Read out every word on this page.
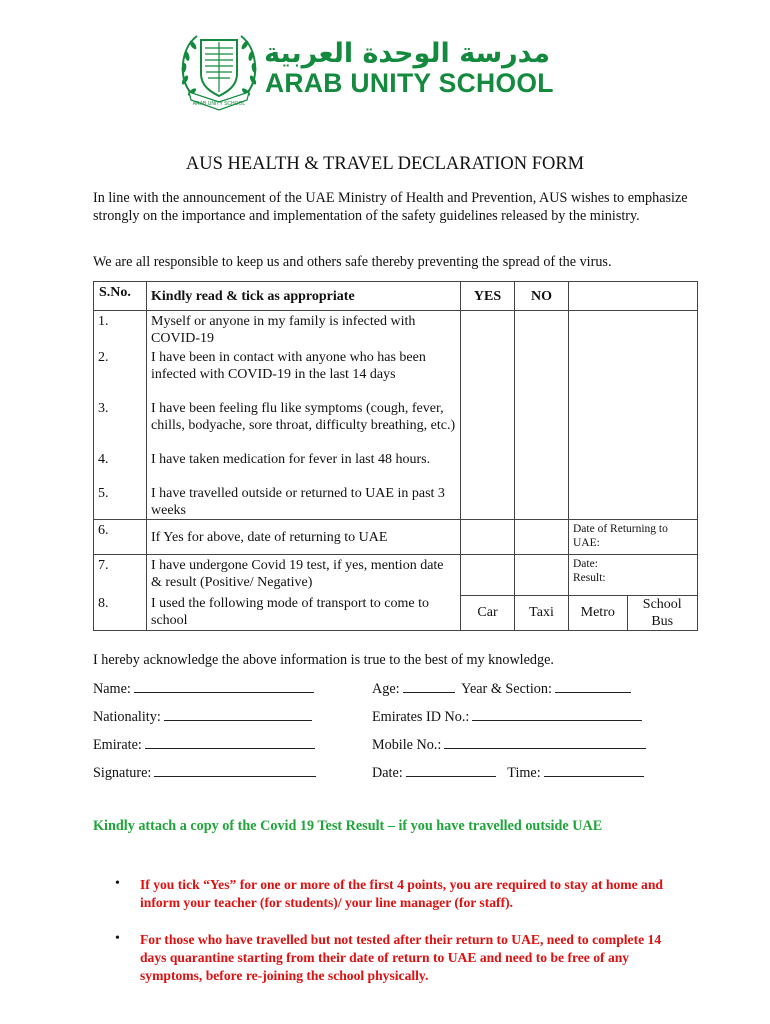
ARAB UNITY SCHOOL
مدرسة الوحدة العربية
ARAB UNITY SCHOOL
AUS HEALTH & TRAVEL DECLARATION FORM
In line with the announcement of the UAE Ministry of Health and Prevention, AUS wishes to emphasize strongly on the importance and implementation of the safety guidelines released by the ministry.
We are all responsible to keep us and others safe thereby preventing the spread of the virus.
S.No.	Kindly read & tick as appropriate	YES	NO	
1.	Myself or anyone in my family is infected with COVID-19			
2.	I have been in contact with anyone who has been infected with COVID-19 in the last 14 days			
3.	I have been feeling flu like symptoms (cough, fever, chills, bodyache, sore throat, difficulty breathing, etc.)			
4.	I have taken medication for fever in last 48 hours.			
5.	I have travelled outside or returned to UAE in past 3 weeks			
6.	If Yes for above, date of returning to UAE			Date of Returning to UAE:

7.	I have undergone Covid 19 test, if yes, mention date & result (Positive/ Negative)			Date:
Result:

8.	I used the following mode of transport to come to school	Car	Taxi	Metro
School Bus
I hereby acknowledge the above information is true to the best of my knowledge.
Name:	Age:	Year & Section:
Nationality:	Emirates ID No.:
Emirate:	Mobile No.:
Signature:	Date:	Time:
Kindly attach a copy of the Covid 19 Test Result – if you have travelled outside UAE
• If you tick “Yes” for one or more of the first 4 points, you are required to stay at home and inform your teacher (for students)/ your line manager (for staff).
• For those who have travelled but not tested after their return to UAE, need to complete 14 days quarantine starting from their date of return to UAE and need to be free of any symptoms, before re-joining the school physically.
